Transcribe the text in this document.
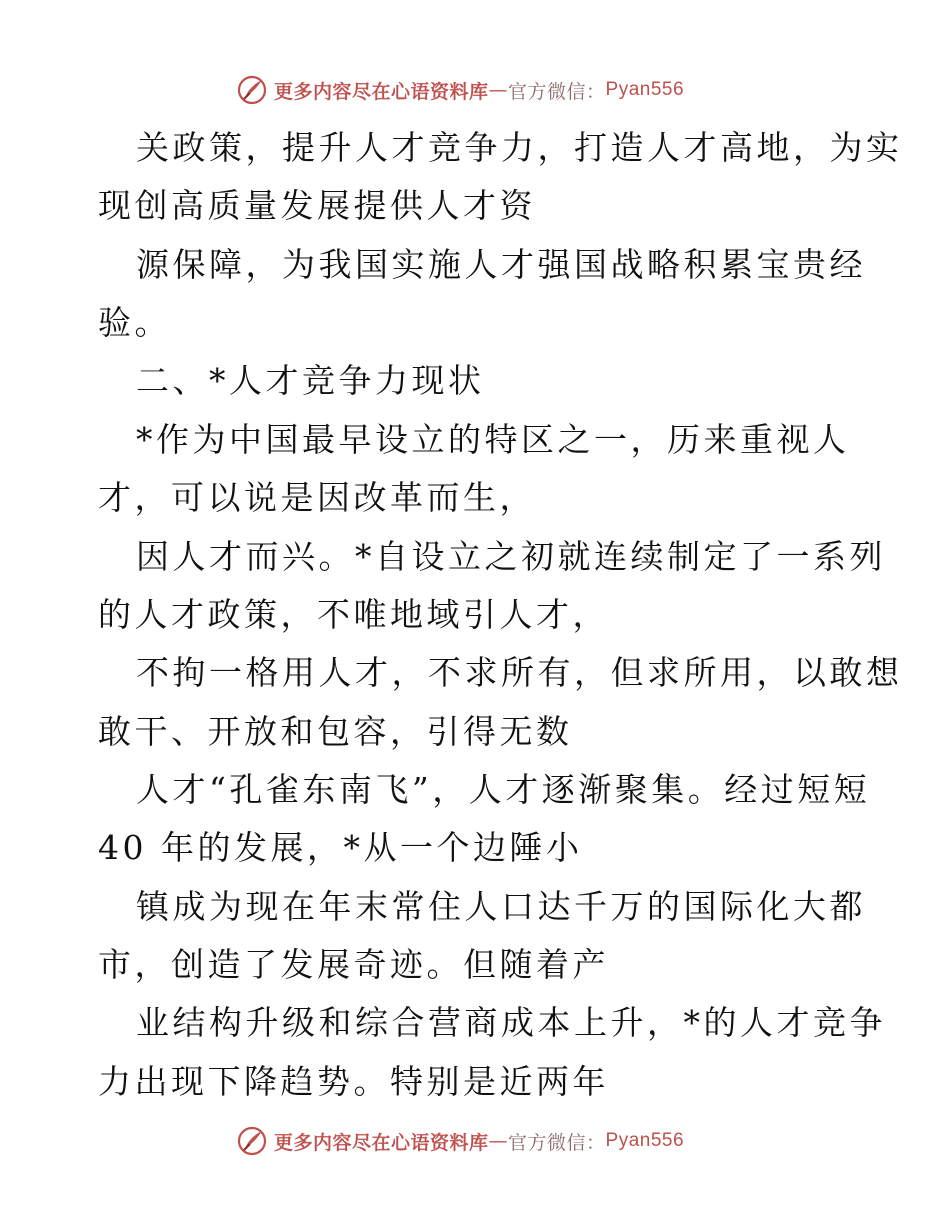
更多内容尽在心语资料库 — 官方微信： Pyan556
关政策，提升人才竞争力，打造人才高地，为实
现创高质量发展提供人才资
源保障，为我国实施人才强国战略积累宝贵经
验。
二、*人才竞争力现状
*作为中国最早设立的特区之一，历来重视人
才，可以说是因改革而生，
因人才而兴。*自设立之初就连续制定了一系列
的人才政策，不唯地域引人才，
不拘一格用人才，不求所有，但求所用，以敢想
敢干、开放和包容，引得无数
人才“孔雀东南飞”，人才逐渐聚集。经过短短
40 年的发展，*从一个边陲小
镇成为现在年末常住人口达千万的国际化大都
市，创造了发展奇迹。但随着产
业结构升级和综合营商成本上升，*的人才竞争
力出现下降趋势。特别是近两年
更多内容尽在心语资料库 — 官方微信： Pyan556
